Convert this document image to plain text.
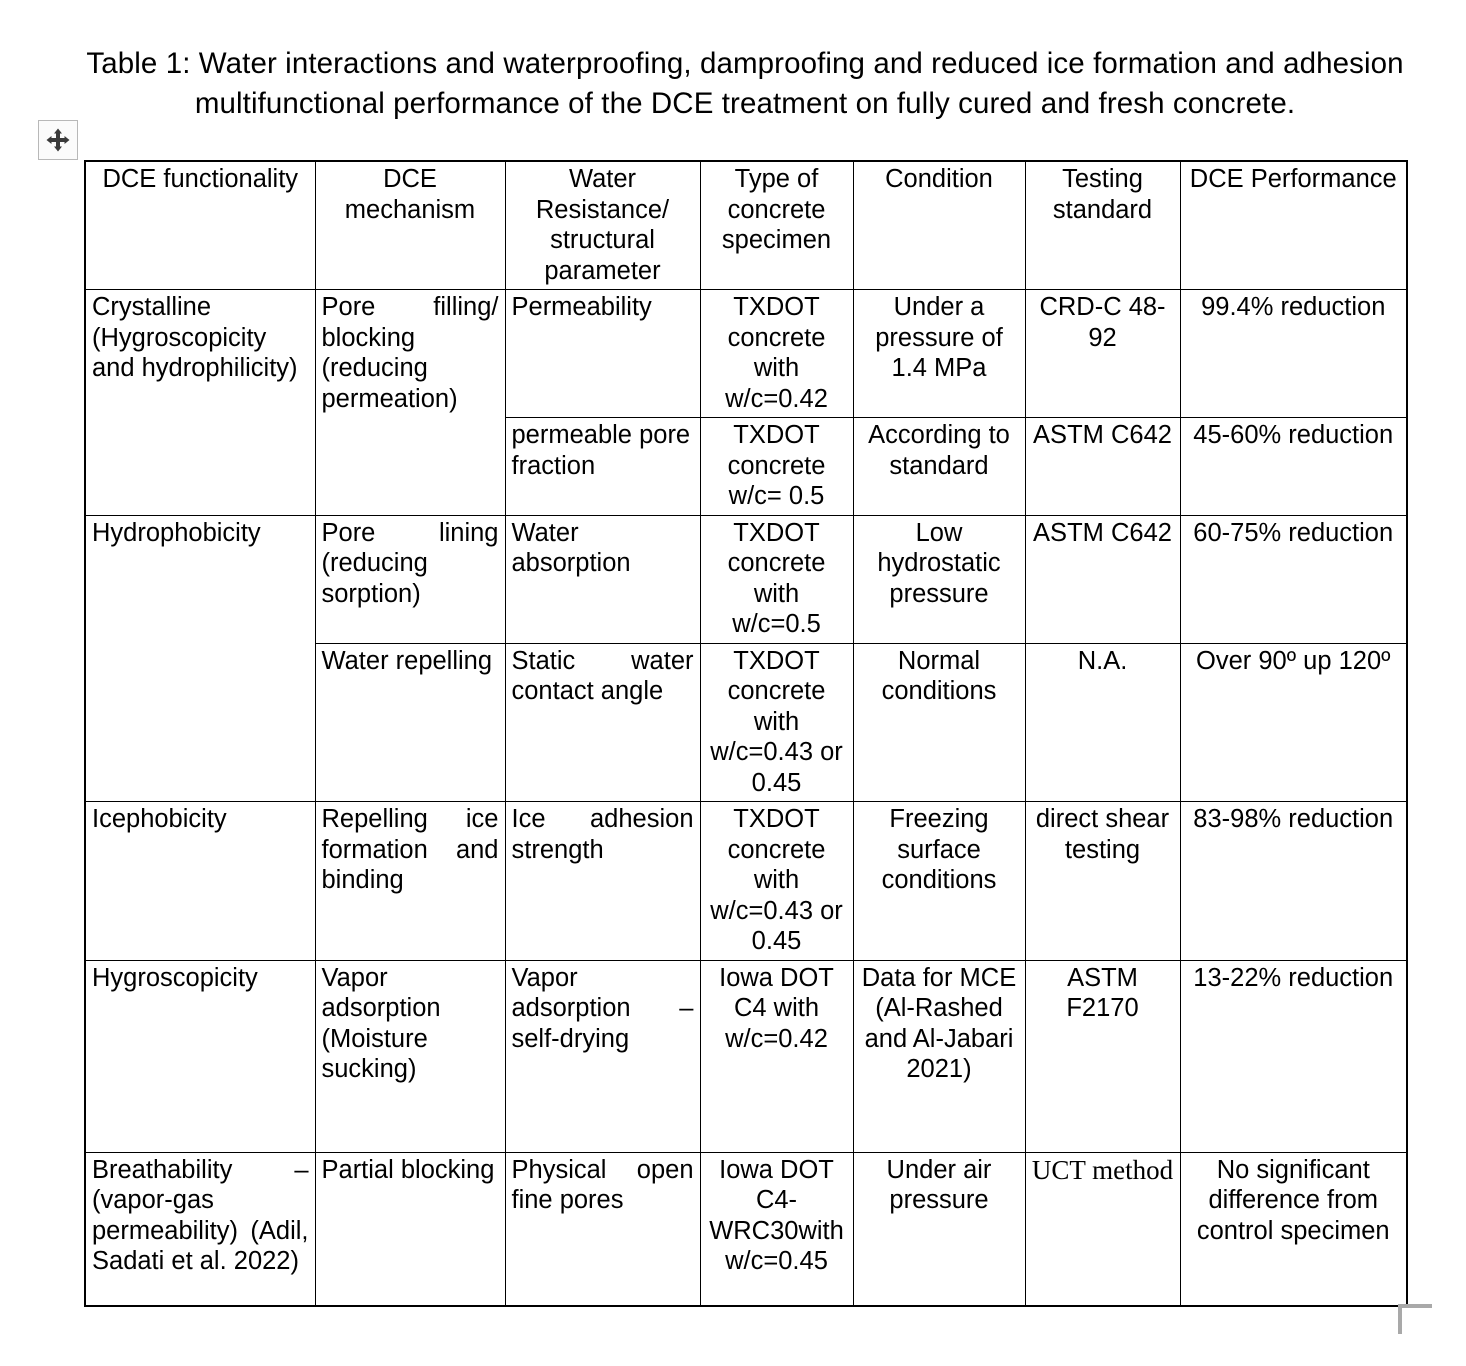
Table 1: Water interactions and waterproofing, damproofing and reduced ice formation and adhesion multifunctional performance of the DCE treatment on fully cured and fresh concrete.
DCE functionality	DCE mechanism	Water Resistance/ structural parameter	Type of concrete specimen	Condition	Testing standard	DCE Performance
Crystalline (Hygroscopicity and hydrophilicity)	Pore filling/ blocking (reducing permeation)	Permeability	TXDOT concrete with w/c=0.42	Under a pressure of 1.4 MPa	CRD-C 48-92	99.4% reduction
		permeable pore fraction	TXDOT concrete w/c= 0.5	According to standard	ASTM C642	45-60% reduction
Hydrophobicity	Pore lining (reducing sorption)	Water absorption	TXDOT concrete with w/c=0.5	Low hydrostatic pressure	ASTM C642	60-75% reduction
	Water repelling	Static water contact angle	TXDOT concrete with w/c=0.43 or 0.45	Normal conditions	N.A.	Over 90º up 120º
Icephobicity	Repelling ice formation and binding	Ice adhesion strength	TXDOT concrete with w/c=0.43 or 0.45	Freezing surface conditions	direct shear testing	83-98% reduction
Hygroscopicity	Vapor adsorption (Moisture sucking)	Vapor adsorption – self-drying	Iowa DOT C4 with w/c=0.42	Data for MCE (Al-Rashed and Al-Jabari 2021)	ASTM F2170	13-22% reduction
Breathability – (vapor-gas permeability) (Adil, Sadati et al. 2022)	Partial blocking	Physical open fine pores	Iowa DOT C4-WRC30with w/c=0.45	Under air pressure	UCT method	No significant difference from control specimen
